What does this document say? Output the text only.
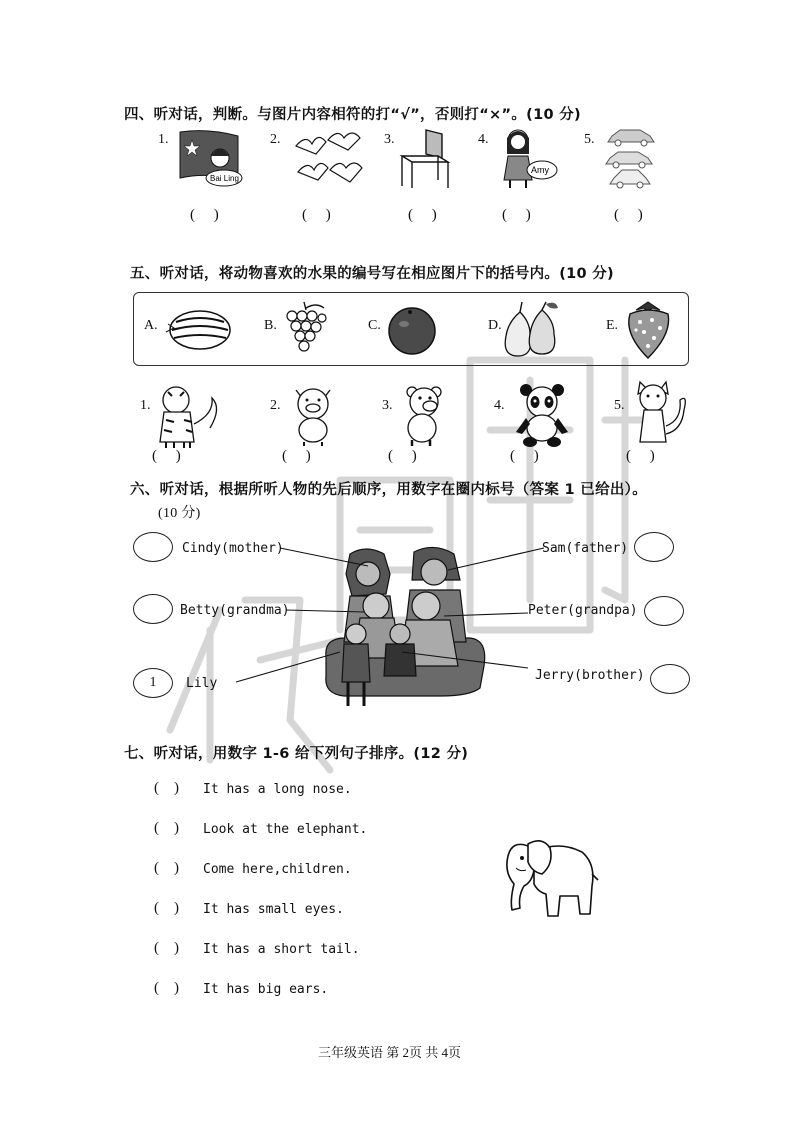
四、听对话，判断。与图片内容相符的打“√”，否则打“×”。(10 分)
1.	2.	3.	4.	5.
Bai Ling
Amy
(     )	(     )	(     )	(     )	(     )
五、听对话，将动物喜欢的水果的编号写在相应图片下的括号内。(10 分)
A.	B.	C.	D.	E.
1.	2.	3.	4.	5.
(     )	(     )	(     )	(     )	(     )
六、听对话，根据所听人物的先后顺序，用数字在圈内标号（答案 1 已给出）。
(10 分)
Cindy(mother)
Betty(grandma)
1	Lily
Sam(father)
Peter(grandpa)
Jerry(brother)
七、听对话，用数字 1-6 给下列句子排序。(12 分)
(    ) It has a long nose.
(    ) Look at the elephant.
(    ) Come here,children.
(    ) It has small eyes.
(    ) It has a short tail.
(    ) It has big ears.
三年级英语 第 2页 共 4页
